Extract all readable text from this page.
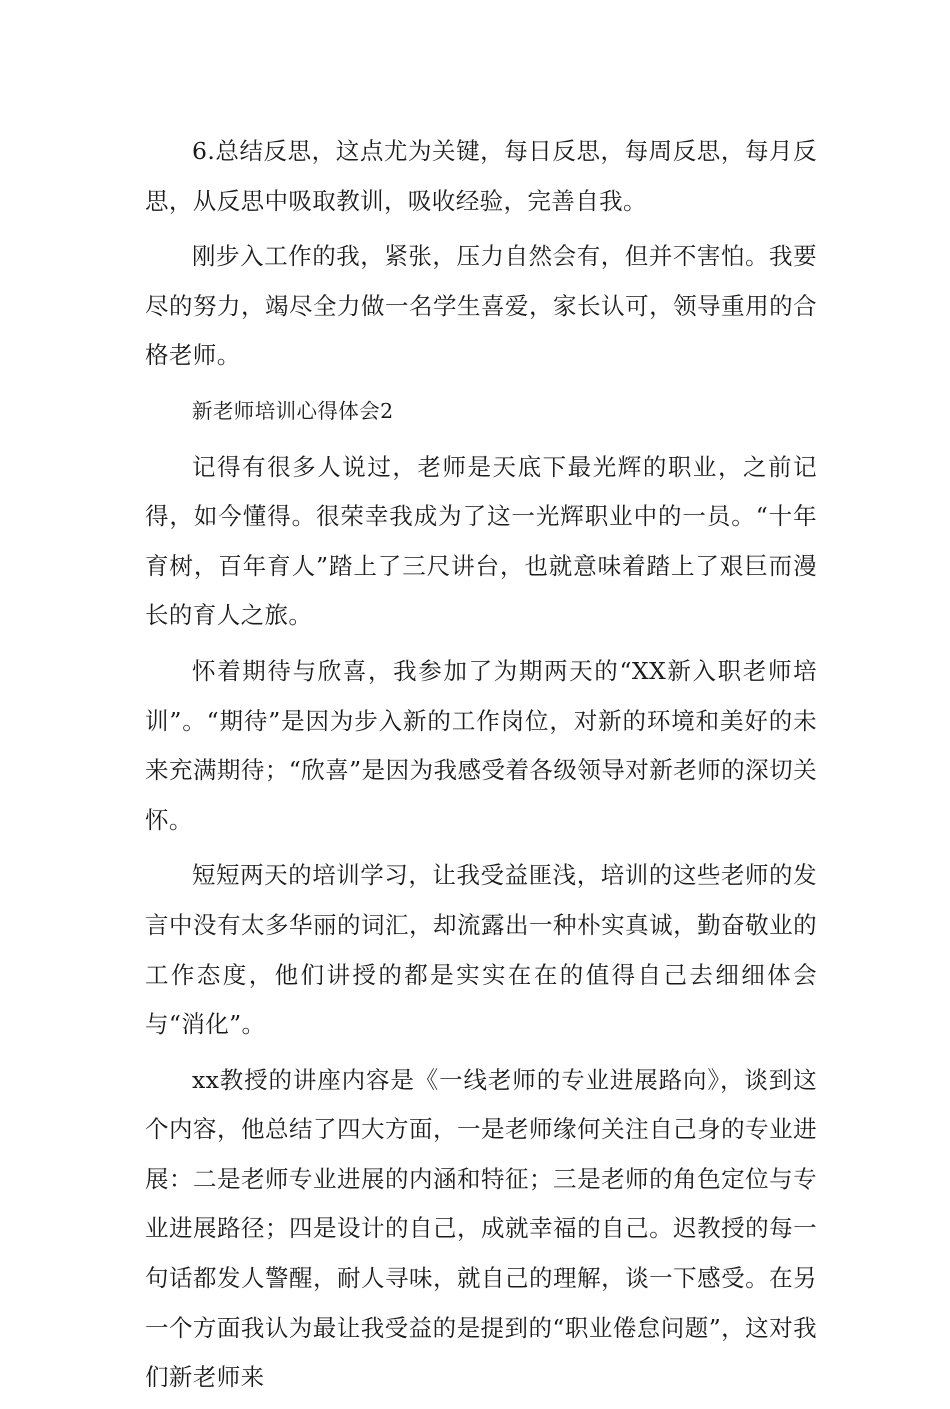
6.总结反思，这点尤为关键，每日反思，每周反思，每月反思，从反思中吸取教训，吸收经验，完善自我。

刚步入工作的我，紧张，压力自然会有，但并不害怕。我要尽的努力，竭尽全力做一名学生喜爱，家长认可，领导重用的合格老师。

新老师培训心得体会2

记得有很多人说过，老师是天底下最光辉的职业，之前记得，如今懂得。很荣幸我成为了这一光辉职业中的一员。“十年育树，百年育人”踏上了三尺讲台，也就意味着踏上了艰巨而漫长的育人之旅。

怀着期待与欣喜，我参加了为期两天的“XX新入职老师培训”。“期待”是因为步入新的工作岗位，对新的环境和美好的未来充满期待；“欣喜”是因为我感受着各级领导对新老师的深切关怀。

短短两天的培训学习，让我受益匪浅，培训的这些老师的发言中没有太多华丽的词汇，却流露出一种朴实真诚，勤奋敬业的工作态度，他们讲授的都是实实在在的值得自己去细细体会与“消化”。

xx教授的讲座内容是《一线老师的专业进展路向》，谈到这个内容，他总结了四大方面，一是老师缘何关注自己身的专业进展：二是老师专业进展的内涵和特征；三是老师的角色定位与专业进展路径；四是设计的自己，成就幸福的自己。迟教授的每一句话都发人警醒，耐人寻味，就自己的理解，谈一下感受。在另一个方面我认为最让我受益的是提到的“职业倦怠问题”，这对我们新老师来
